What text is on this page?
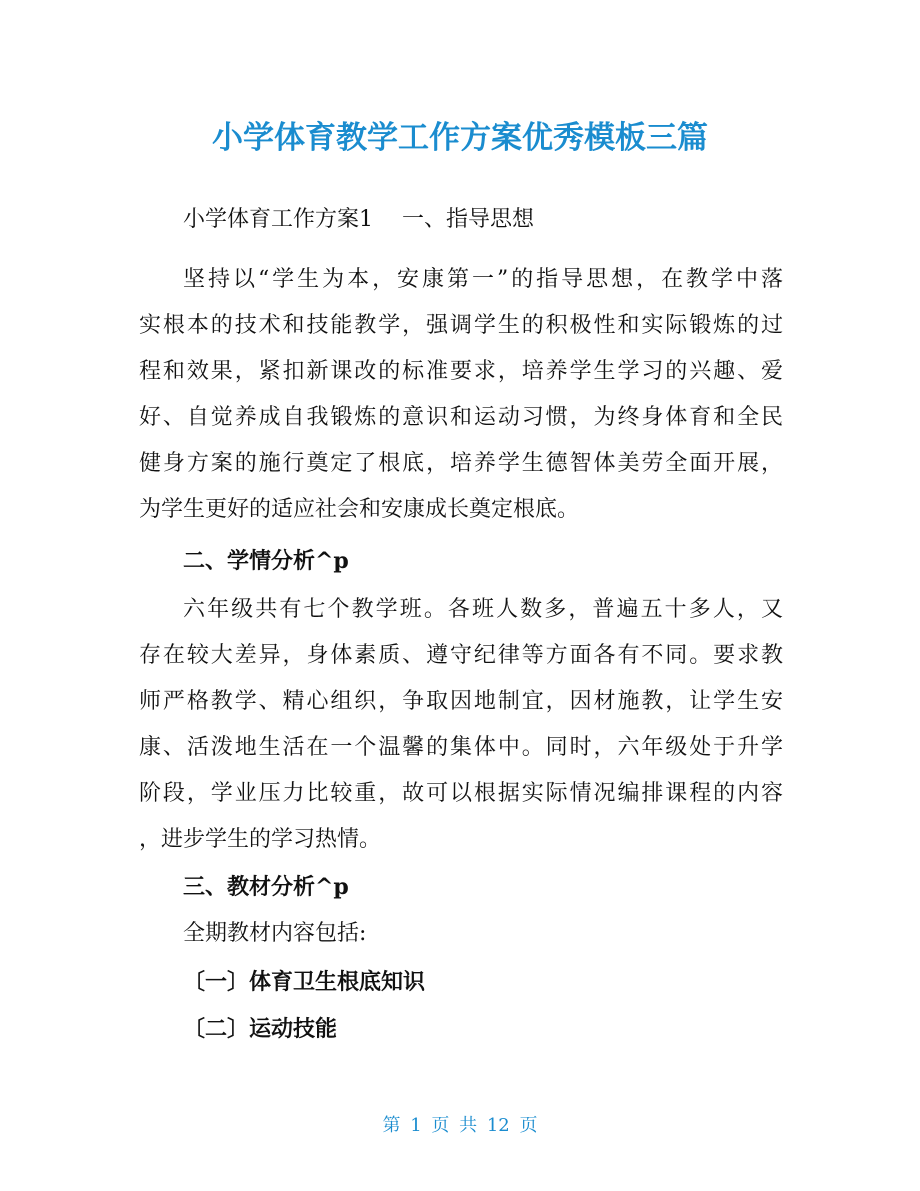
小学体育教学工作方案优秀模板三篇

小学体育工作方案1　 一、指导思想

坚持以“学生为本，安康第一”的指导思想，在教学中落

实根本的技术和技能教学，强调学生的积极性和实际锻炼的过

程和效果，紧扣新课改的标准要求，培养学生学习的兴趣、爱

好、自觉养成自我锻炼的意识和运动习惯，为终身体育和全民

健身方案的施行奠定了根底，培养学生德智体美劳全面开展，

为学生更好的适应社会和安康成长奠定根底。

二、学情分析^p

六年级共有七个教学班。各班人数多，普遍五十多人，又

存在较大差异，身体素质、遵守纪律等方面各有不同。要求教

师严格教学、精心组织，争取因地制宜，因材施教，让学生安

康、活泼地生活在一个温馨的集体中。同时，六年级处于升学

阶段，学业压力比较重，故可以根据实际情况编排课程的内容

，进步学生的学习热情。

三、教材分析^p

全期教材内容包括:

〔一〕体育卫生根底知识

〔二〕运动技能

第 1 页 共 12 页
